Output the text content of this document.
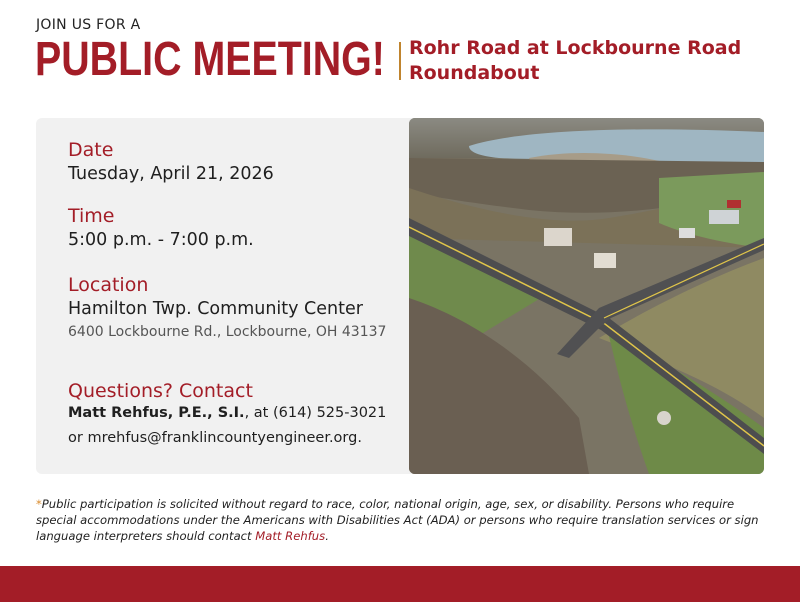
JOIN US FOR A
PUBLIC MEETING! Rohr Road at Lockbourne Road
Roundabout
Date
Tuesday, April 21, 2026
Time
5:00 p.m. - 7:00 p.m.
Location
Hamilton Twp. Community Center
6400 Lockbourne Rd., Lockbourne, OH 43137
Questions? Contact
Matt Rehfus, P.E., S.I., at (614) 525-3021
or mrehfus@franklincountyengineer.org.
*Public participation is solicited without regard to race, color, national origin, age, sex, or disability. Persons who require special accommodations under the Americans with Disabilities Act (ADA) or persons who require translation services or sign language interpreters should contact Matt Rehfus.
